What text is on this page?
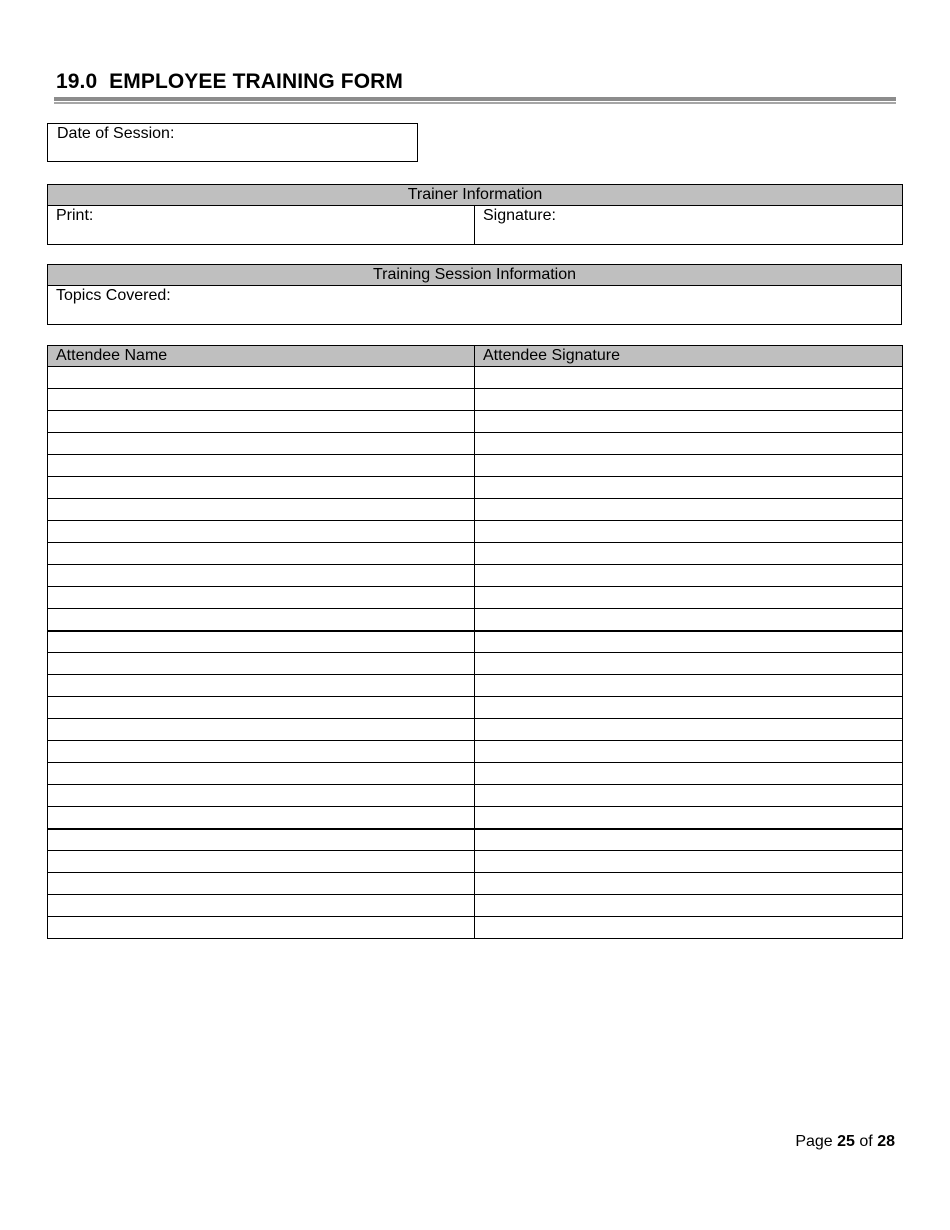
19.0  EMPLOYEE TRAINING FORM
Date of Session:
Trainer Information
Print:	Signature:
Training Session Information
Topics Covered:
Attendee Name	Attendee Signature

Page 25 of 28
